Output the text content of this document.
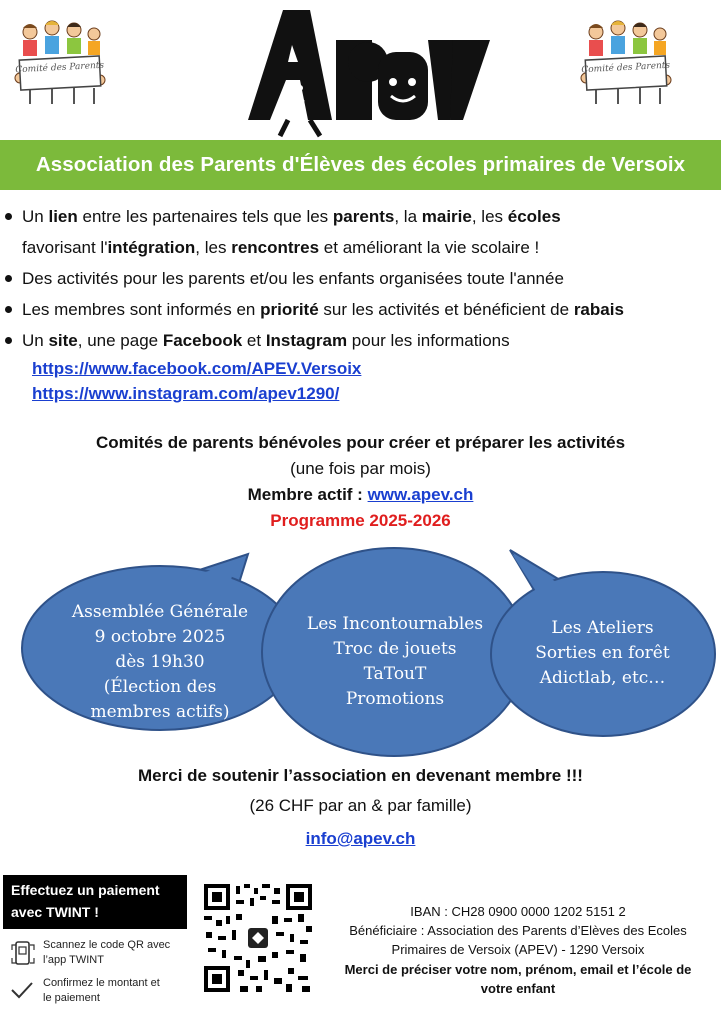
Comité des Parents	Comité des Parents
Association des Parents d'Élèves des écoles primaires de Versoix
Un lien entre les partenaires tels que les parents, la mairie, les écoles
favorisant l'intégration, les rencontres et améliorant la vie scolaire !
Des activités pour les parents et/ou les enfants organisées toute l'année
Les membres sont informés en priorité sur les activités et bénéficient de rabais
Un site, une page Facebook et Instagram pour les informations
https://www.facebook.com/APEV.Versoix
https://www.instagram.com/apev1290/
Comités de parents bénévoles pour créer et préparer les activités
(une fois par mois)
Membre actif : www.apev.ch
Programme 2025-2026
Assemblée Générale
9 octobre 2025
dès 19h30
(Élection des
membres actifs)
Les Incontournables
Troc de jouets
TaTouT
Promotions
Les Ateliers
Sorties en forêt
Adictlab, etc…
Merci de soutenir l’association en devenant membre !!!
(26 CHF par an & par famille)
info@apev.ch
Effectuez un paiement
avec TWINT !
Scannez le code QR avec
l’app TWINT
Confirmez le montant et
le paiement
IBAN : CH28 0900 0000 1202 5151 2
Bénéficiaire : Association des Parents d’Elèves des Ecoles
Primaires de Versoix (APEV) - 1290 Versoix
Merci de préciser votre nom, prénom, email et l’école de
votre enfant
